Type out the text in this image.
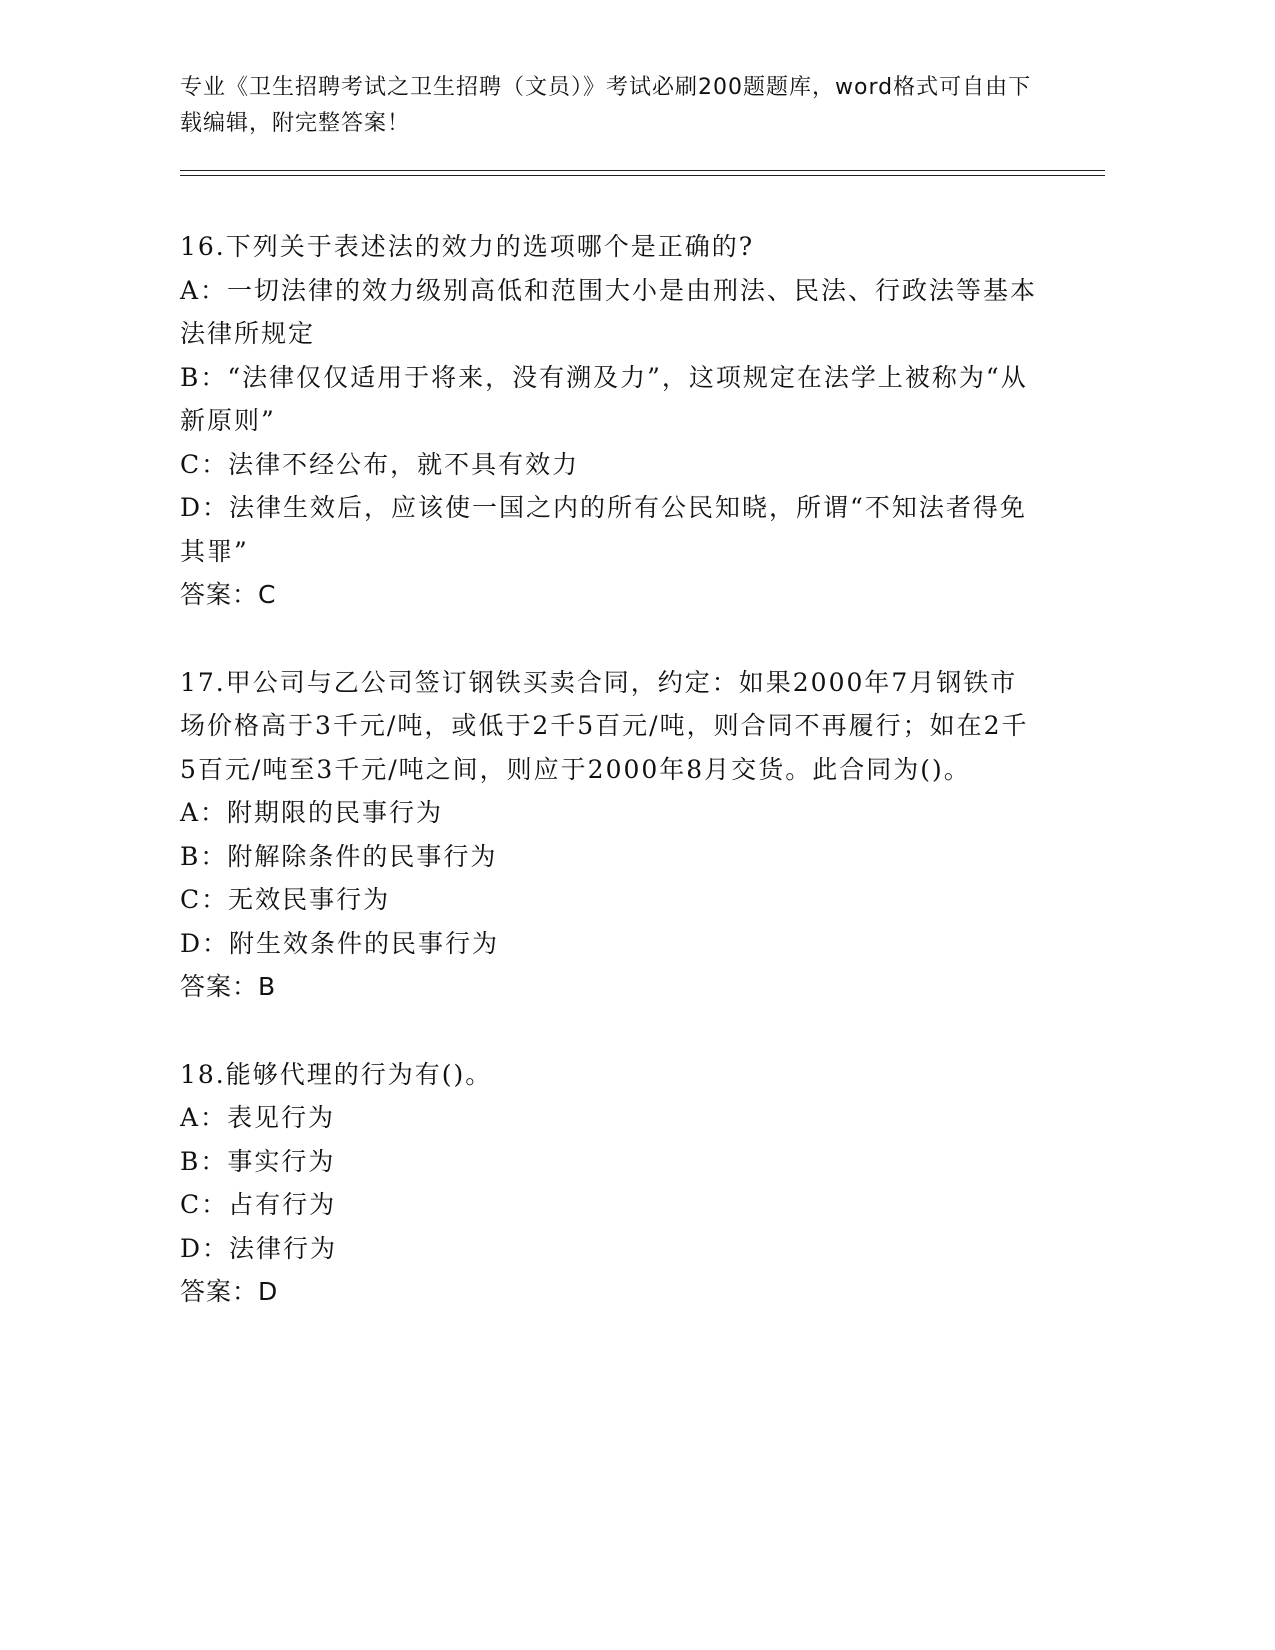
专业《卫生招聘考试之卫生招聘（文员）》考试必刷200题题库，word格式可自由下载编辑，附完整答案！
16.下列关于表述法的效力的选项哪个是正确的?
A：一切法律的效力级别高低和范围大小是由刑法、民法、行政法等基本法律所规定
B：“法律仅仅适用于将来，没有溯及力”，这项规定在法学上被称为“从新原则”
C：法律不经公布，就不具有效力
D：法律生效后，应该使一国之内的所有公民知晓，所谓“不知法者得免其罪”
答案：C
17.甲公司与乙公司签订钢铁买卖合同，约定：如果2000年7月钢铁市场价格高于3千元/吨，或低于2千5百元/吨，则合同不再履行；如在2千5百元/吨至3千元/吨之间，则应于2000年8月交货。此合同为()。
A：附期限的民事行为
B：附解除条件的民事行为
C：无效民事行为
D：附生效条件的民事行为
答案：B
18.能够代理的行为有()。
A：表见行为
B：事实行为
C：占有行为
D：法律行为
答案：D
